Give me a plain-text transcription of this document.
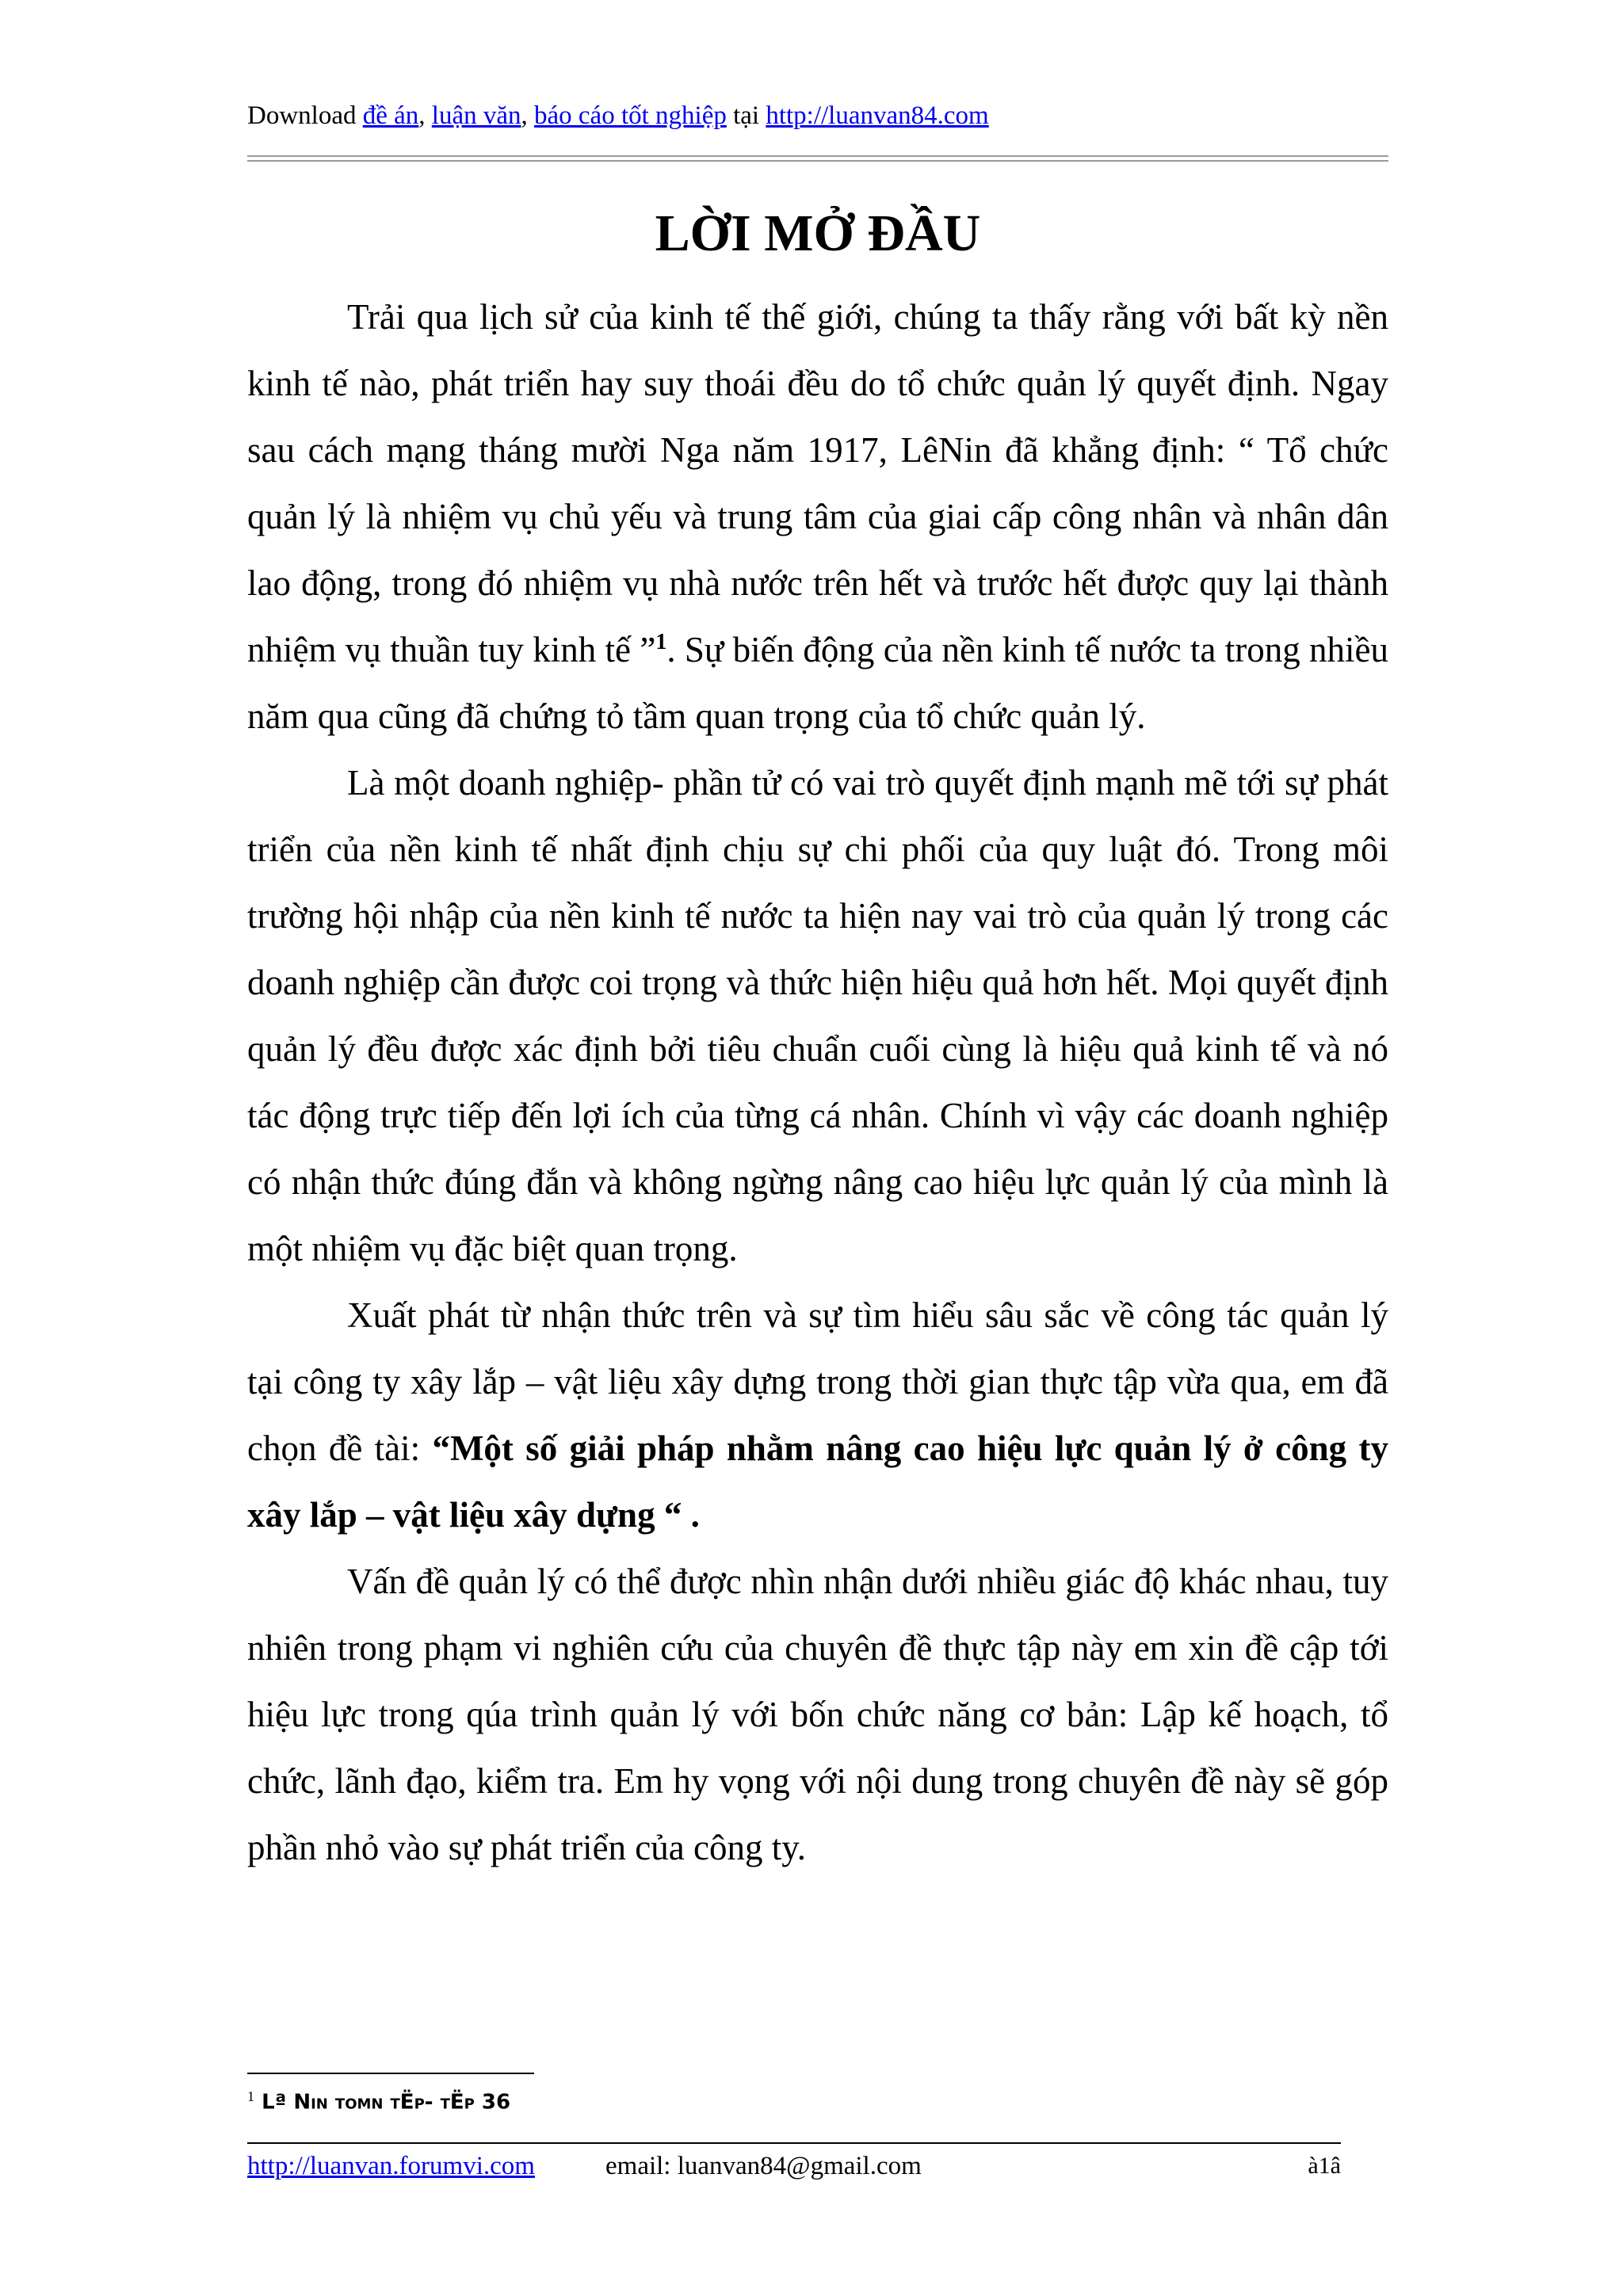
Download đề án, luận văn, báo cáo tốt nghiệp tại http://luanvan84.com
LỜI MỞ ĐẦU

Trải qua lịch sử của kinh tế thế giới, chúng ta thấy rằng với bất kỳ nền kinh tế nào, phát triển hay suy thoái đều do tổ chức quản lý quyết định. Ngay sau cách mạng tháng mười Nga năm 1917, LêNin đã khẳng định: “ Tổ chức quản lý là nhiệm vụ chủ yếu và trung tâm của giai cấp công nhân và nhân dân lao động, trong đó nhiệm vụ nhà nước trên hết và trước hết được quy lại thành nhiệm vụ thuần tuy kinh tế ”$^1$. Sự biến động của nền kinh tế nước ta trong nhiều năm qua cũng đã chứng tỏ tầm quan trọng của tổ chức quản lý.

Là một doanh nghiệp- phần tử có vai trò quyết định mạnh mẽ tới sự phát triển của nền kinh tế nhất định chịu sự chi phối của quy luật đó. Trong môi trường hội nhập của nền kinh tế nước ta hiện nay vai trò của quản lý trong các doanh nghiệp cần được coi trọng và thức hiện hiệu quả hơn hết. Mọi quyết định quản lý đều được xác định bởi tiêu chuẩn cuối cùng là hiệu quả kinh tế và nó tác động trực tiếp đến lợi ích của từng cá nhân. Chính vì vậy các doanh nghiệp có nhận thức đúng đắn và không ngừng nâng cao hiệu lực quản lý của mình là một nhiệm vụ đặc biệt quan trọng.

Xuất phát từ nhận thức trên và sự tìm hiểu sâu sắc về công tác quản lý tại công ty xây lắp – vật liệu xây dựng trong thời gian thực tập vừa qua, em đã chọn đề tài: “Một số giải pháp nhằm nâng cao hiệu lực quản lý ở công ty xây lắp – vật liệu xây dựng “ .

Vấn đề quản lý có thể được nhìn nhận dưới nhiều giác độ khác nhau, tuy nhiên trong phạm vi nghiên cứu của chuyên đề thực tập này em xin đề cập tới hiệu lực trong qúa trình quản lý với bốn chức năng cơ bản: Lập kế hoạch, tổ chức, lãnh đạo, kiểm tra. Em hy vọng với nội dung trong chuyên đề này sẽ góp phần nhỏ vào sự phát triển của công ty.

$^1$ Lª Nin toµn tËp- tËp 36
http://luanvan.forumvi.com	email: luanvan84@gmail.com	à1â
